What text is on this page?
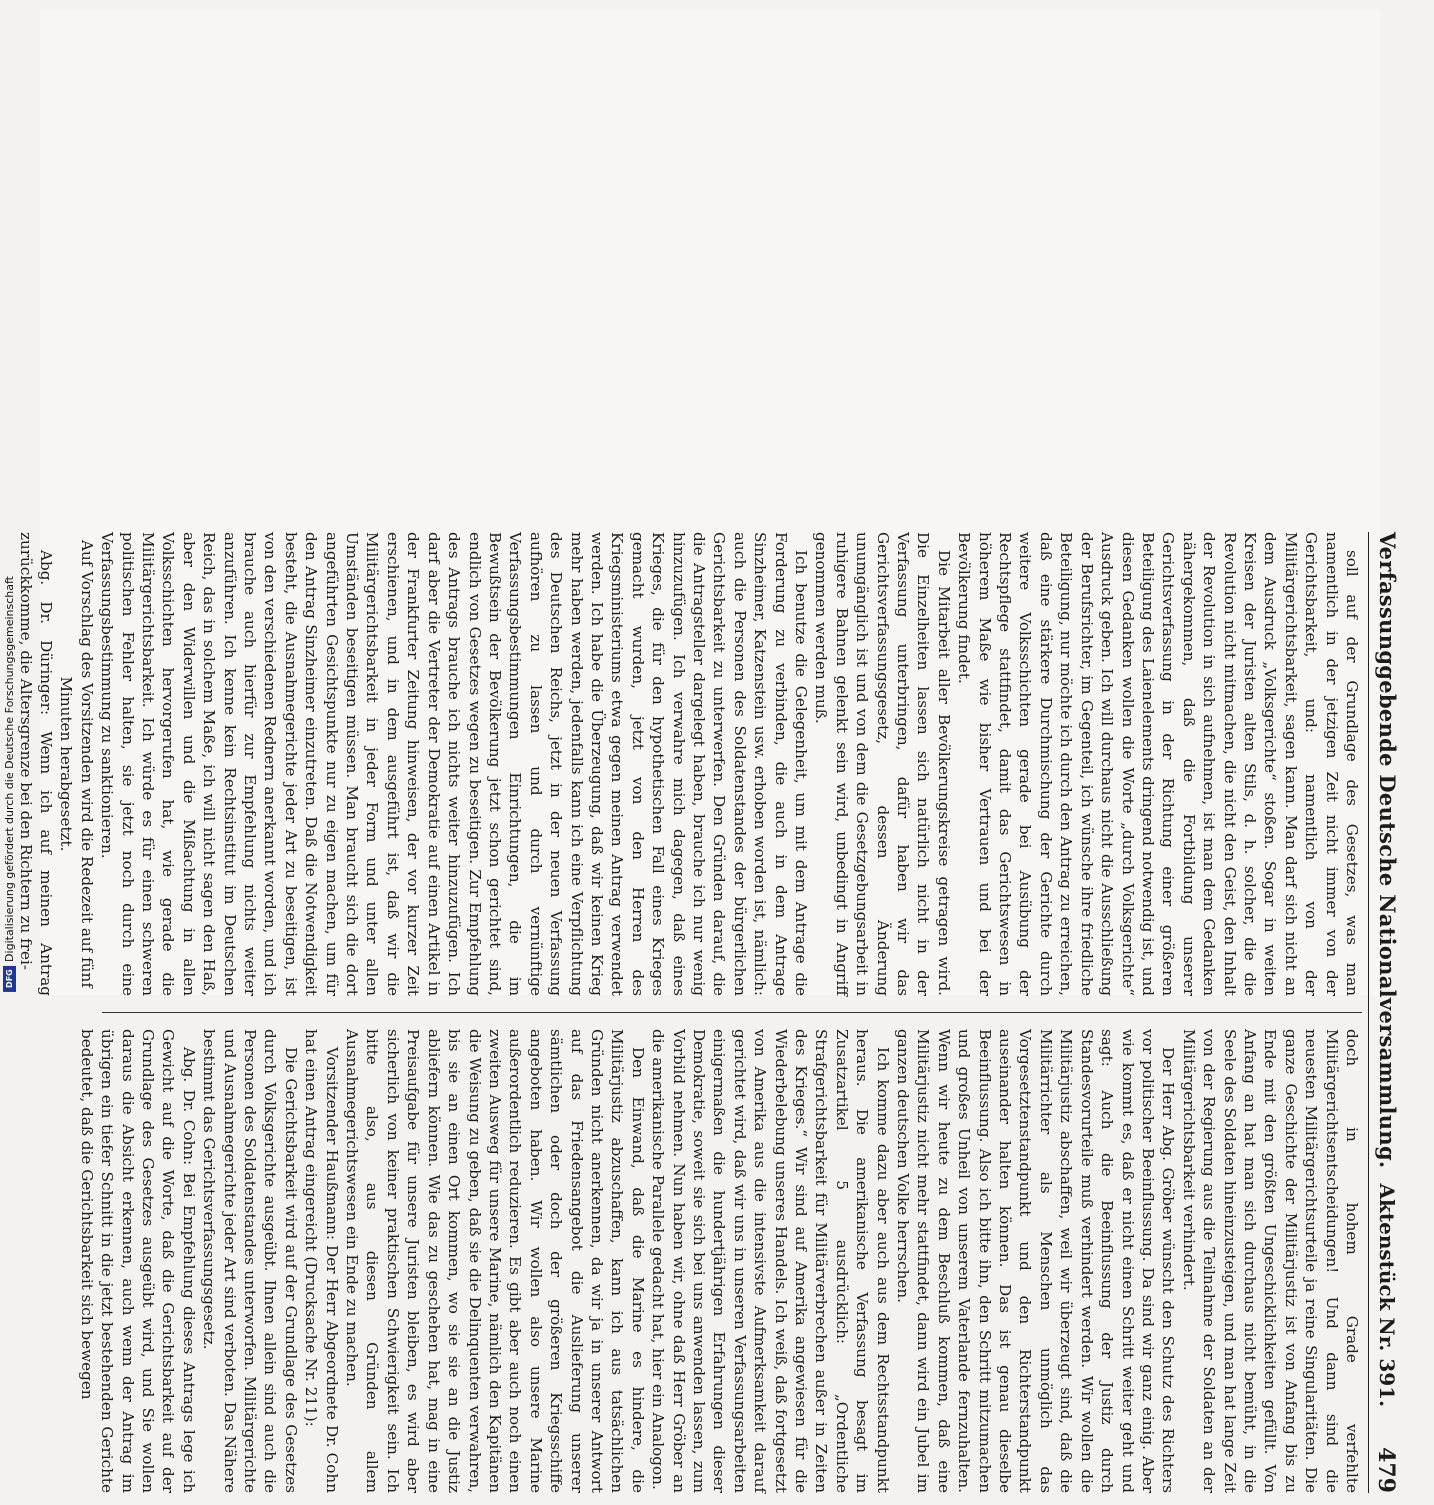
Verfassunggebende Deutsche Nationalversammlung.
Aktenstück Nr. 391.
479

soll auf der Grundlage des Gesetzes, was man namentlich in der jetzigen Zeit nicht immer von der Gerichtsbarkeit, und: namentlich von der Militärgerichtsbarkeit, sagen kann. Man darf sich nicht an dem Ausdruck „Volksgerichte“ stoßen. Sogar in weiten Kreisen der Juristen alten Stils, d. h. solcher, die die Revolution nicht mitmachen, die nicht den Geist, den Inhalt der Revolution in sich aufnehmen, ist man dem Gedanken nähergekommen, daß die Fortbildung unserer Gerichtsverfassung in der Richtung einer größeren Beteiligung des Laienelements dringend notwendig ist, und diesen Gedanken wollen die Worte „durch Volksgerichte“ Ausdruck geben. Ich will durchaus nicht die Ausschließung der Berufsrichter, im Gegenteil, ich wünsche ihre friedliche Beteiligung, nur möchte ich durch den Antrag zu erreichen, daß eine stärkere Durchmischung der Gerichte durch weitere Volksschichten gerade bei Ausübung der Rechtspflege stattfindet, damit das Gerichtswesen in höherem Maße wie bisher Vertrauen und bei der Bevölkerung findet.

Die Mitarbeit aller Bevölkerungskreise getragen wird. Die Einzelheiten lassen sich natürlich nicht in der Verfassung unterbringen, dafür haben wir das Gerichtsverfassungsgesetz, dessen Änderung unumgänglich ist und von dem die Gesetzgebungsarbeit in ruhigere Bahnen gelenkt sein wird, unbedingt in Angriff genommen werden muß.

Ich benutze die Gelegenheit, um mit dem Antrage die Forderung zu verbinden, die auch in dem Antrage Sinzheimer, Katzenstein usw. erhoben worden ist, nämlich: auch die Personen des Soldatenstandes der bürgerlichen Gerichtsbarkeit zu unterwerfen. Den Gründen darauf, die die Antragsteller dargelegt haben, brauche ich nur wenig hinzuzufügen. Ich verwahre mich dagegen, daß eines Krieges, die für den hypothetischen Fall eines Krieges gemacht wurden, jetzt von den Herren des Kriegsministeriums etwa gegen meinen Antrag verwendet werden. Ich habe die Überzeugung, daß wir keinen Krieg mehr haben werden, jedenfalls kann ich eine Verpflichtung des Deutschen Reichs, jetzt in der neuen Verfassung aufhören zu lassen und durch vernünftige Verfassungsbestimmungen Einrichtungen, die im Bewußtsein der Bevölkerung jetzt schon gerichtet sind, endlich von Gesetzes wegen zu beseitigen. Zur Empfehlung des Antrags brauche ich nichts weiter hinzuzufügen. Ich darf aber die Vertreter der Demokratie auf einen Artikel in der Frankfurter Zeitung hinweisen, der vor kurzer Zeit erschienen, und in dem ausgeführt ist, daß wir die Militärgerichtsbarkeit in jeder Form und unter allen Umständen beseitigen müssen. Man braucht sich die dort angeführten Gesichtspunkte nur zu eigen machen, um für den Antrag Sinzheimer einzutreten. Daß die Notwendigkeit besteht, die Ausnahmegerichte jeder Art zu beseitigen, ist von den verschiedenen Rednern anerkannt worden, und ich brauche auch hierfür zur Empfehlung nichts weiter anzuführen. Ich kenne kein Rechtsinstitut im Deutschen Reich, das in solchem Maße, ich will nicht sagen den Haß, aber den Widerwillen und die Mißachtung in allen Volksschichten hervorgerufen hat, wie gerade die Militärgerichtsbarkeit. Ich würde es für einen schweren politischen Fehler halten, sie jetzt noch durch eine Verfassungsbestimmung zu sanktionieren.

Auf Vorschlag des Vorsitzenden wird die Redezeit auf fünf Minuten herabgesetzt.

Abg. Dr. Düringer: Wenn ich auf meinen Antrag zurückkomme, die Altersgrenze bei den Richtern zu frei-

doch in hohem Grade verfehlte Militärgerichtsentscheidungen! Und dann sind die neuesten Militärgerichtsurteile ja reine Singularitäten. Die ganze Geschichte der Militärjustiz ist von Anfang bis zu Ende mit den größten Ungeschicklichkeiten gefüllt. Von Anfang an hat man sich durchaus nicht bemüht, in die Seele des Soldaten hineinzusteigen, und man hat lange Zeit von der Regierung aus die Teilnahme der Soldaten an der Militärgerichtsbarkeit verhindert.

Der Herr Abg. Gröber wünscht den Schutz des Richters vor politischer Beeinflussung. Da sind wir ganz einig. Aber wie kommt es, daß er nicht einen Schritt weiter geht und sagt: Auch die Beeinflussung der Justiz durch Standesvorurteile muß verhindert werden. Wir wollen die Militärjustiz abschaffen, weil wir überzeugt sind, daß die Militärrichter als Menschen unmöglich das Vorgesetztenstandpunkt und den Richterstandpunkt auseinander halten können. Das ist genau dieselbe Beeinflussung. Also ich bitte ihn, den Schritt mitzumachen und großes Unheil von unserem Vaterlande fernzuhalten. Wenn wir heute zu dem Beschluß kommen, daß eine Militärjustiz nicht mehr stattfindet, dann wird ein Jubel im ganzen deutschen Volke herrschen.

Ich komme dazu aber auch aus dem Rechtsstandpunkt heraus. Die amerikanische Verfassung besagt im Zusatzartikel 5 ausdrücklich: „Ordentliche Strafgerichtsbarkeit für Militärverbrechen außer in Zeiten des Krieges.“ Wir sind auf Amerika angewiesen für die Wiederbelebung unseres Handels. Ich weiß, daß fortgesetzt von Amerika aus die intensivste Aufmerksamkeit darauf gerichtet wird, daß wir uns in unseren Verfassungsarbeiten einigermaßen die hundertjährigen Erfahrungen dieser Demokratie, soweit sie sich bei uns anwenden lassen, zum Vorbild nehmen. Nun haben wir, ohne daß Herr Gröber an die amerikanische Parallele gedacht hat, hier ein Analogon.

Den Einwand, daß die Marine es hindere, die Militärjustiz abzuschaffen, kann ich aus tatsächlichen Gründen nicht anerkennen, da wir ja in unserer Antwort auf das Friedensangebot die Auslieferung unserer sämtlichen oder doch der größeren Kriegsschiffe angeboten haben. Wir wollen also unsere Marine außerordentlich reduzieren. Es gibt aber auch noch einen zweiten Ausweg für unsere Marine, nämlich den Kapitänen die Weisung zu geben, daß sie die Delinquenten verwahren, bis sie an einen Ort kommen, wo sie sie an die Justiz abliefern können. Wie das zu geschehen hat, mag in eine Preisaufgabe für unsere Juristen bleiben, es wird aber sicherlich von keiner praktischen Schwierigkeit sein. Ich bitte also, aus diesen Gründen allem Ausnahmegerichtswesen ein Ende zu machen.

Vorsitzender Haußmann: Der Herr Abgeordnete Dr. Cohn hat einen Antrag eingereicht (Drucksache Nr. 211):

Die Gerichtsbarkeit wird auf der Grundlage des Gesetzes durch Volksgerichte ausgeübt. Ihnen allein sind auch die Personen des Soldatenstandes unterworfen. Militärgerichte und Ausnahmegerichte jeder Art sind verboten. Das Nähere bestimmt das Gerichtsverfassungsgesetz.

Abg. Dr. Cohn: Bei Empfehlung dieses Antrags lege ich Gewicht auf die Worte, daß die Gerichtsbarkeit auf der Grundlage des Gesetzes ausgeübt wird, und Sie wollen daraus die Absicht erkennen, auch wenn der Antrag im übrigen ein tiefer Schnitt in die jetzt bestehenden Gerichte bedeutet, daß die Gerichtsbarkeit sich bewegen

DFG
Digitalisierung gefördert durch die Deutsche Forschungsgemeinschaft
